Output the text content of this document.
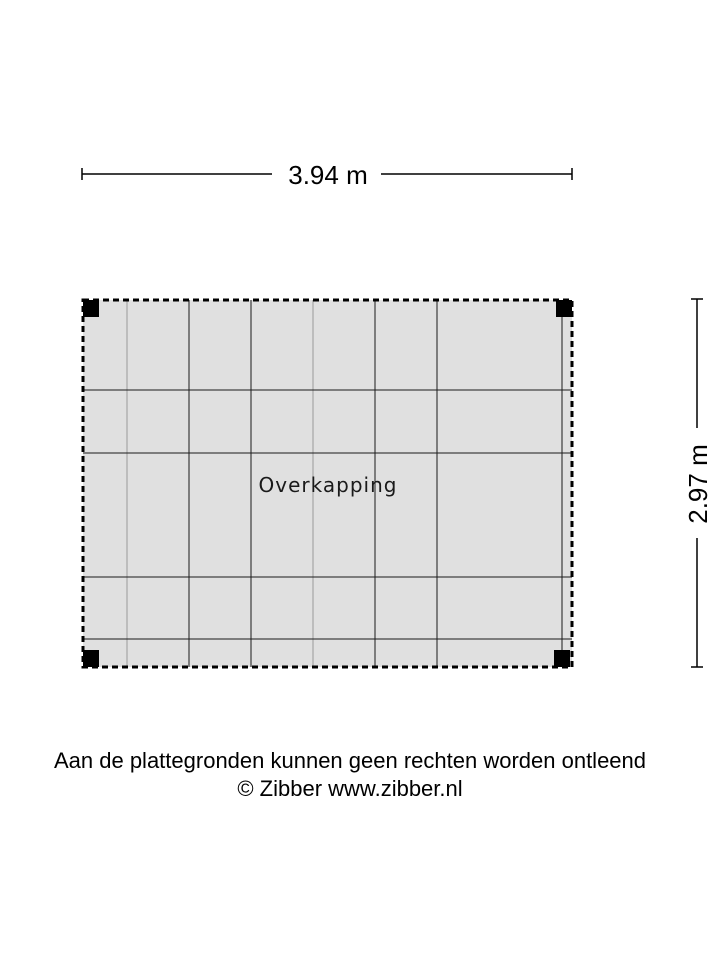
3.94 m
2.97 m
Overkapping
Aan de plattegronden kunnen geen rechten worden ontleend
© Zibber www.zibber.nl
